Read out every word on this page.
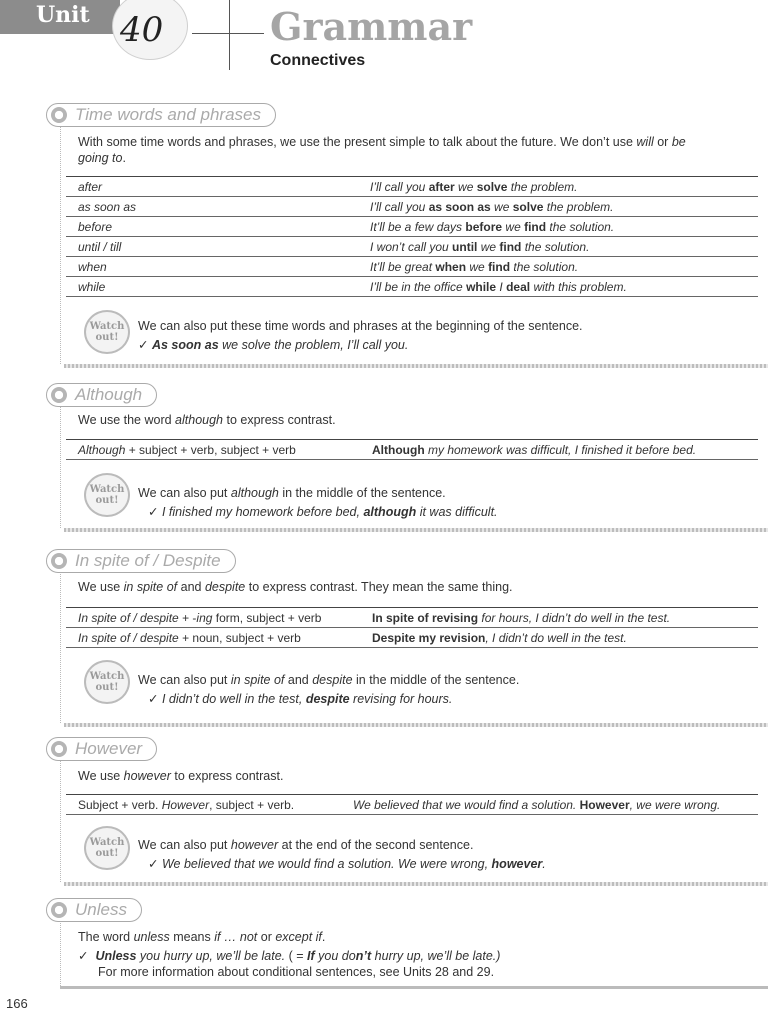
Unit 40	Grammar
Connectives
Time words and phrases
With some time words and phrases, we use the present simple to talk about the future. We don’t use will or be going to.
after	I’ll call you after we solve the problem.
as soon as	I’ll call you as soon as we solve the problem.
before	It’ll be a few days before we find the solution.
until / till	I won’t call you until we find the solution.
when	It’ll be great when we find the solution.
while	I’ll be in the office while I deal with this problem.
Watch
out!
We can also put these time words and phrases at the beginning of the sentence.
✓ As soon as we solve the problem, I’ll call you.
Although
We use the word although to express contrast.
Although + subject + verb, subject + verb	Although my homework was difficult, I finished it before bed.
Watch
out!
We can also put although in the middle of the sentence.
✓ I finished my homework before bed, although it was difficult.
In spite of / Despite
We use in spite of and despite to express contrast. They mean the same thing.
In spite of / despite + -ing form, subject + verb	In spite of revising for hours, I didn’t do well in the test.
In spite of / despite + noun, subject + verb	Despite my revision, I didn’t do well in the test.
Watch
out!
We can also put in spite of and despite in the middle of the sentence.
✓ I didn’t do well in the test, despite revising for hours.
However
We use however to express contrast.
Subject + verb. However, subject + verb.	We believed that we would find a solution. However, we were wrong.
Watch
out!
We can also put however at the end of the second sentence.
✓ We believed that we would find a solution. We were wrong, however.
Unless
The word unless means if … not or except if.
✓ Unless you hurry up, we’ll be late. ( = If you don’t hurry up, we’ll be late.)
For more information about conditional sentences, see Units 28 and 29.
166
